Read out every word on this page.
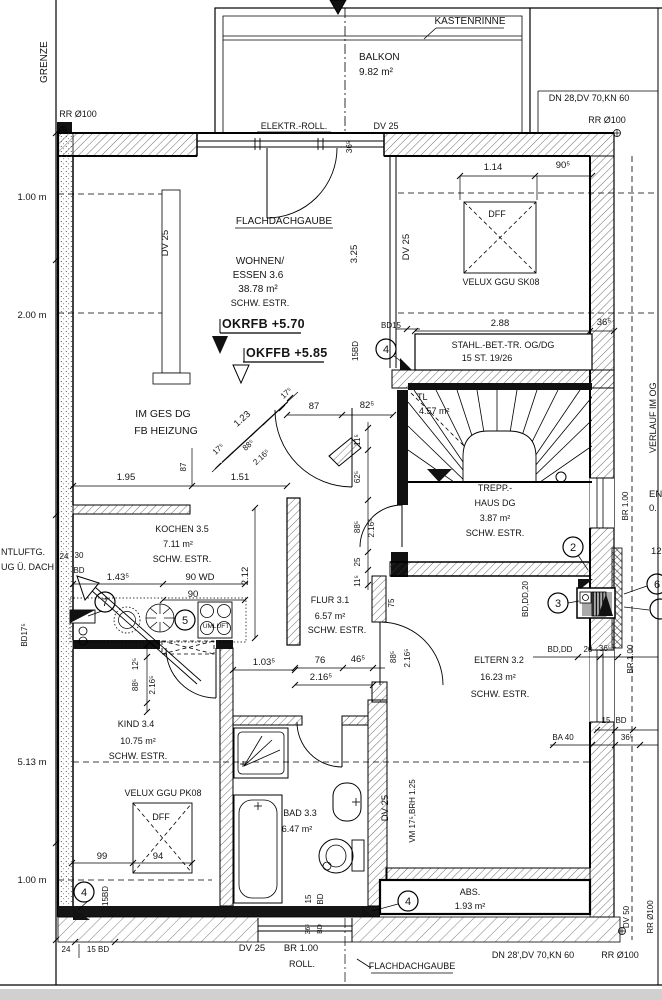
4
2
3
6
7
5
4
4
GRENZE
KASTENRINNE
BALKON
9.82 m²
RR Ø100
DN 28,DV 70,KN 60
RR Ø100
ELEKTR.-ROLL.	DV 25
FLACHDACHGAUBE
WOHNEN/
ESSEN 3.6
38.78 m²
SCHW. ESTR.
OKRFB +5.70
OKFFB +5.85
DFF
VELUX GGU SK08
STAHL.-BET.-TR. OG/DG
15 ST. 19/26
TL
4.57 m²
TREPP.-
HAUS DG
3.87 m²
SCHW. ESTR.
VERLAUF IM OG
IM GES DG
FB HEIZUNG
KOCHEN 3.5
7.11 m²
SCHW. ESTR.
NTLUFTG.
UG Ü. DACH
FLUR 3.1
6.57 m²
SCHW. ESTR.
ELTERN 3.2
16.23 m²
SCHW. ESTR.
KIND 3.4
10.75 m²
SCHW. ESTR.
VELUX GGU PK08
DFF	BAD 3.3
6.47 m²
ABS.
1.93 m²
UMLUFT
GR
ROLL.	FLACHDACHGAUBE
DN 28',DV 70,KN 60	RR Ø100
1.14	90⁵
36⁵
DV 25
3.25
DV 25
2.88	36⁵
BD15
15BD
1.23
17⁵
88⁵
2.16⁵
17⁵
87	82⁵
11⁵
62⁵
88⁵ 2.16⁵
25
11⁵
1.95
87
1.51
2.12
24 30
BD
BD17⁵
1.43⁵	90 WD
90
75
88⁵ 2.16⁵
BD,DD,20
BD,DD 20 36⁵
15 BD
BA 40	36⁵
1.03⁵	76	46⁵
2.16⁵
12⁵
88⁵ 2.16⁵
99	94
DV 25 VM 17⁵,BRH 1.25
15 BD
15BD
24 15 BD	DV 25 BR 1.00
36⁵ BD
DV 50 RR Ø100
BR 1.00
BR 1.00
EN
0.
12
1.00 m
2.00 m
5.13 m
1.00 m
